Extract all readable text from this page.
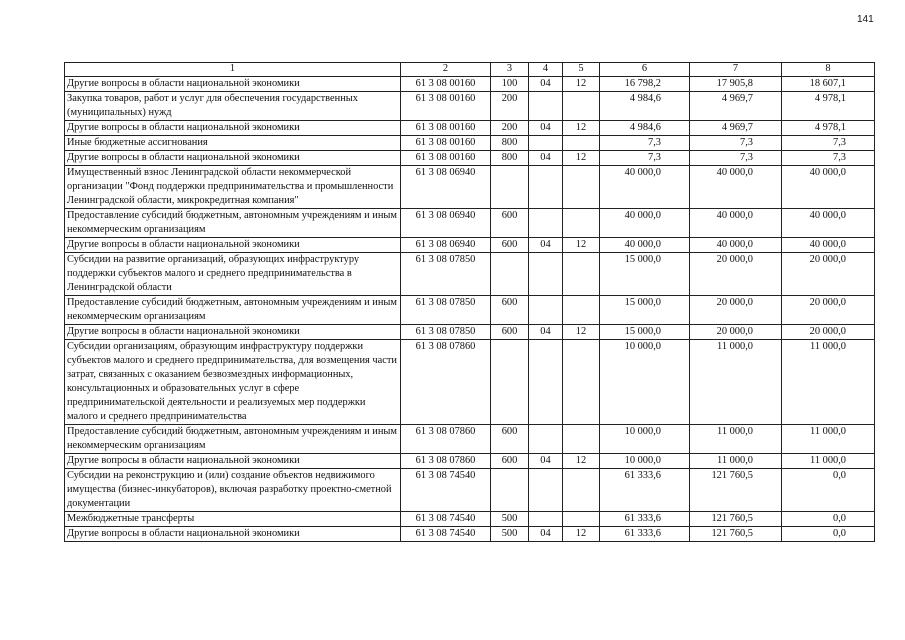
141
1	2	3	4	5	6	7	8
Другие вопросы в области национальной экономики	61 3 08 00160	100	04	12	16 798,2	17 905,8	18 607,1
Закупка товаров, работ и услуг для обеспечения государственных (муниципальных) нужд	61 3 08 00160	200			4 984,6	4 969,7	4 978,1
Другие вопросы в области национальной экономики	61 3 08 00160	200	04	12	4 984,6	4 969,7	4 978,1
Иные бюджетные ассигнования	61 3 08 00160	800			7,3	7,3	7,3
Другие вопросы в области национальной экономики	61 3 08 00160	800	04	12	7,3	7,3	7,3
Имущественный взнос Ленинградской области некоммерческой организации "Фонд поддержки предпринимательства и промышленности Ленинградской области, микрокредитная компания"	61 3 08 06940				40 000,0	40 000,0	40 000,0
Предоставление субсидий бюджетным, автономным учреждениям и иным некоммерческим организациям	61 3 08 06940	600			40 000,0	40 000,0	40 000,0
Другие вопросы в области национальной экономики	61 3 08 06940	600	04	12	40 000,0	40 000,0	40 000,0
Субсидии на развитие организаций, образующих инфраструктуру поддержки субъектов малого и среднего предпринимательства в Ленинградской области	61 3 08 07850				15 000,0	20 000,0	20 000,0
Предоставление субсидий бюджетным, автономным учреждениям и иным некоммерческим организациям	61 3 08 07850	600			15 000,0	20 000,0	20 000,0
Другие вопросы в области национальной экономики	61 3 08 07850	600	04	12	15 000,0	20 000,0	20 000,0
Субсидии организациям, образующим инфраструктуру поддержки субъектов малого и среднего предпринимательства, для возмещения части затрат, связанных с оказанием безвозмездных информационных, консультационных и образовательных услуг в сфере предпринимательской деятельности и реализуемых мер поддержки малого и среднего предпринимательства	61 3 08 07860				10 000,0	11 000,0	11 000,0
Предоставление субсидий бюджетным, автономным учреждениям и иным некоммерческим организациям	61 3 08 07860	600			10 000,0	11 000,0	11 000,0
Другие вопросы в области национальной экономики	61 3 08 07860	600	04	12	10 000,0	11 000,0	11 000,0
Субсидии на реконструкцию и (или) создание объектов недвижимого имущества (бизнес-инкубаторов), включая разработку проектно-сметной документации	61 3 08 74540				61 333,6	121 760,5	0,0
Межбюджетные трансферты	61 3 08 74540	500			61 333,6	121 760,5	0,0
Другие вопросы в области национальной экономики	61 3 08 74540	500	04	12	61 333,6	121 760,5	0,0
